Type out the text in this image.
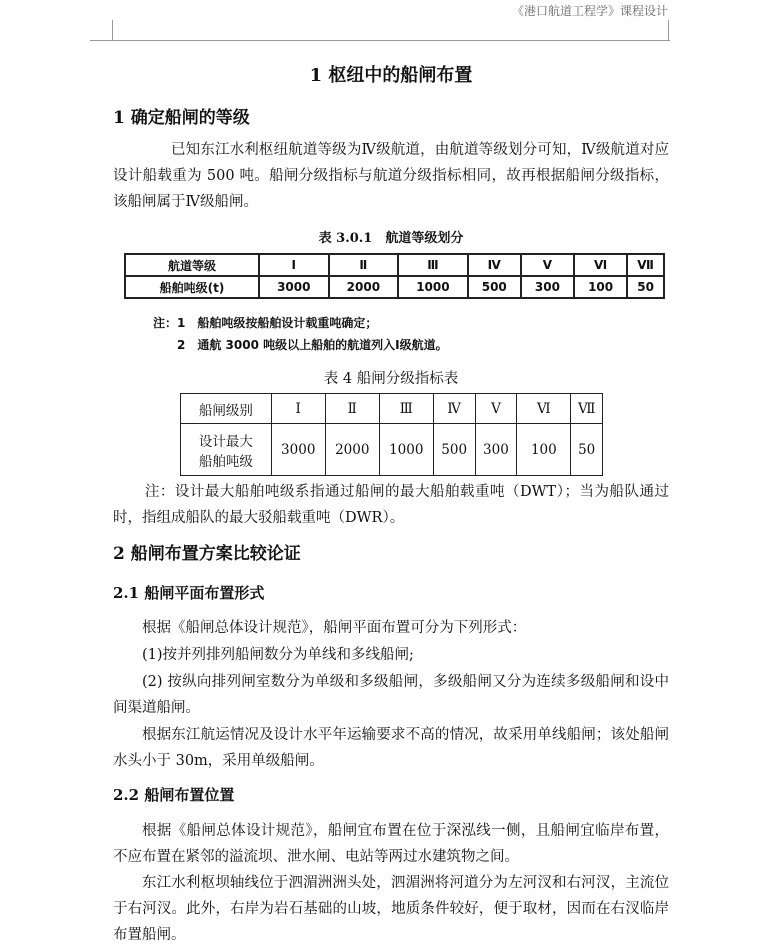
《港口航道工程学》课程设计
1 枢纽中的船闸布置
1 确定船闸的等级
已知东江水利枢纽航道等级为Ⅳ级航道，由航道等级划分可知，Ⅳ级航道对应设计船载重为 500 吨。船闸分级指标与航道分级指标相同，故再根据船闸分级指标，该船闸属于Ⅳ级船闸。
表 3.0.1　航道等级划分
航道等级	Ⅰ	Ⅱ	Ⅲ	Ⅳ	Ⅴ	Ⅵ	Ⅶ
船舶吨级(t)	3000	2000	1000	500	300	100	50
注：1　船舶吨级按船舶设计载重吨确定；
2　通航 3000 吨级以上船舶的航道列入Ⅰ级航道。
表 4 船闸分级指标表
船闸级别	Ⅰ	Ⅱ	Ⅲ	Ⅳ	Ⅴ	Ⅵ	Ⅶ

设计最大
船舶吨级	3000	2000	1000	500	300	100	50
注：设计最大船舶吨级系指通过船闸的最大船舶载重吨（DWT）；当为船队通过时，指组成船队的最大驳船载重吨（DWR）。
2 船闸布置方案比较论证
2.1 船闸平面布置形式
根据《船闸总体设计规范》，船闸平面布置可分为下列形式：
(1)按并列排列船闸数分为单线和多线船闸;
(2) 按纵向排列闸室数分为单级和多级船闸，多级船闸又分为连续多级船闸和设中间渠道船闸。
根据东江航运情况及设计水平年运输要求不高的情况，故采用单线船闸；该处船闸水头小于 30m，采用单级船闸。
2.2 船闸布置位置
根据《船闸总体设计规范》，船闸宜布置在位于深泓线一侧，且船闸宜临岸布置，不应布置在紧邻的溢流坝、泄水闸、电站等两过水建筑物之间。
东江水利枢坝轴线位于泗湄洲洲头处，泗湄洲将河道分为左河汊和右河汊，主流位于右河汊。此外，右岸为岩石基础的山坡，地质条件较好，便于取材，因而在右汊临岸布置船闸。
